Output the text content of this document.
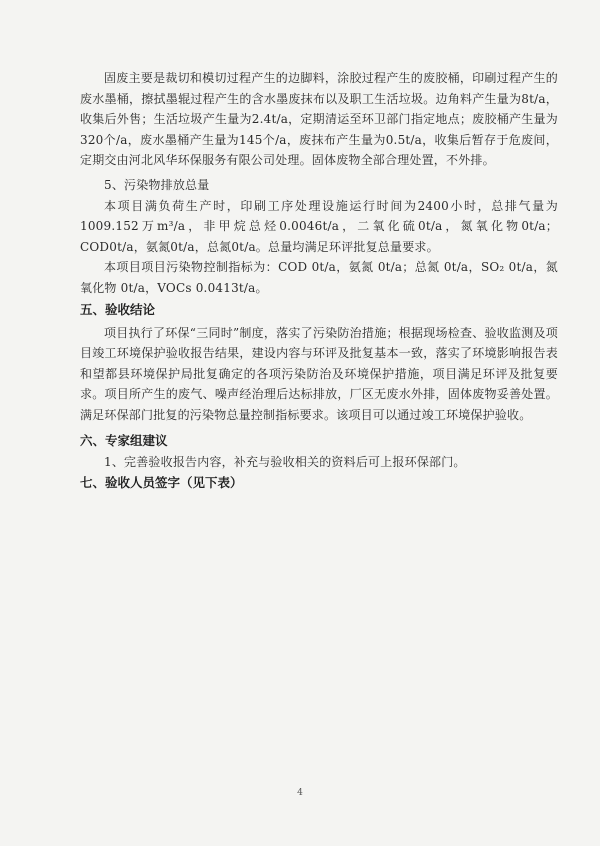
固废主要是裁切和模切过程产生的边脚料，涂胶过程产生的废胶桶，印刷过程产生的废水墨桶，擦拭墨辊过程产生的含水墨废抹布以及职工生活垃圾。边角料产生量为8t/a，收集后外售；生活垃圾产生量为2.4t/a，定期清运至环卫部门指定地点；废胶桶产生量为320个/a，废水墨桶产生量为145个/a，废抹布产生量为0.5t/a，收集后暂存于危废间，定期交由河北风华环保服务有限公司处理。固体废物全部合理处置，不外排。

5、污染物排放总量

本项目满负荷生产时，印刷工序处理设施运行时间为2400小时，总排气量为1009.152万m³/a，非甲烷总烃0.0046t/a，二氧化硫0t/a，氮氧化物0t/a；COD0t/a，氨氮0t/a，总氮0t/a。总量均满足环评批复总量要求。

本项目项目污染物控制指标为：COD 0t/a，氨氮 0t/a；总氮 0t/a，SO₂ 0t/a，氮氧化物 0t/a，VOCs 0.0413t/a。

五、验收结论

项目执行了环保“三同时”制度，落实了污染防治措施；根据现场检查、验收监测及项目竣工环境保护验收报告结果，建设内容与环评及批复基本一致，落实了环境影响报告表和望都县环境保护局批复确定的各项污染防治及环境保护措施，项目满足环评及批复要求。项目所产生的废气、噪声经治理后达标排放，厂区无废水外排，固体废物妥善处置。满足环保部门批复的污染物总量控制指标要求。该项目可以通过竣工环境保护验收。

六、专家组建议

1、完善验收报告内容，补充与验收相关的资料后可上报环保部门。

七、验收人员签字（见下表）
4
